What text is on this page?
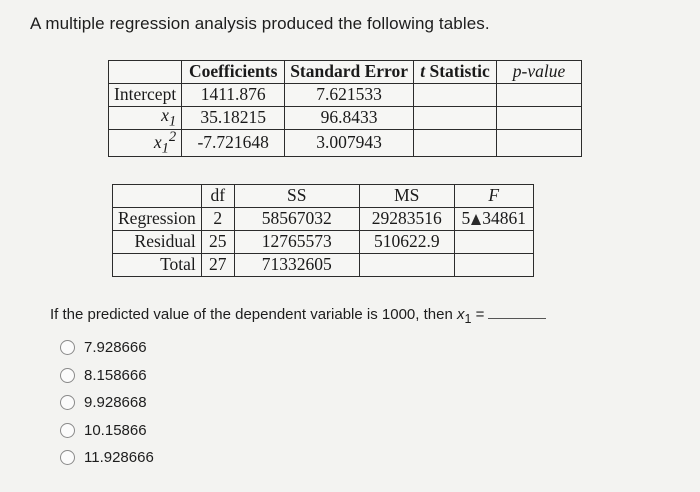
A multiple regression analysis produced the following tables.
	Coefficients	Standard Error	t Statistic	p-value
Intercept	1411.876	7.621533		
$x_1$	35.18215	96.8433		
$x_1^2$	-7.721648	3.007943		
	df	SS	MS	F
Regression	2	58567032	29283516	5 34861
Residual	25	12765573	510622.9	
Total	27	71332605		
If the predicted value of the dependent variable is 1000, then $x_1$ =
7.928666
8.158666
9.928668
10.15866
11.928666
